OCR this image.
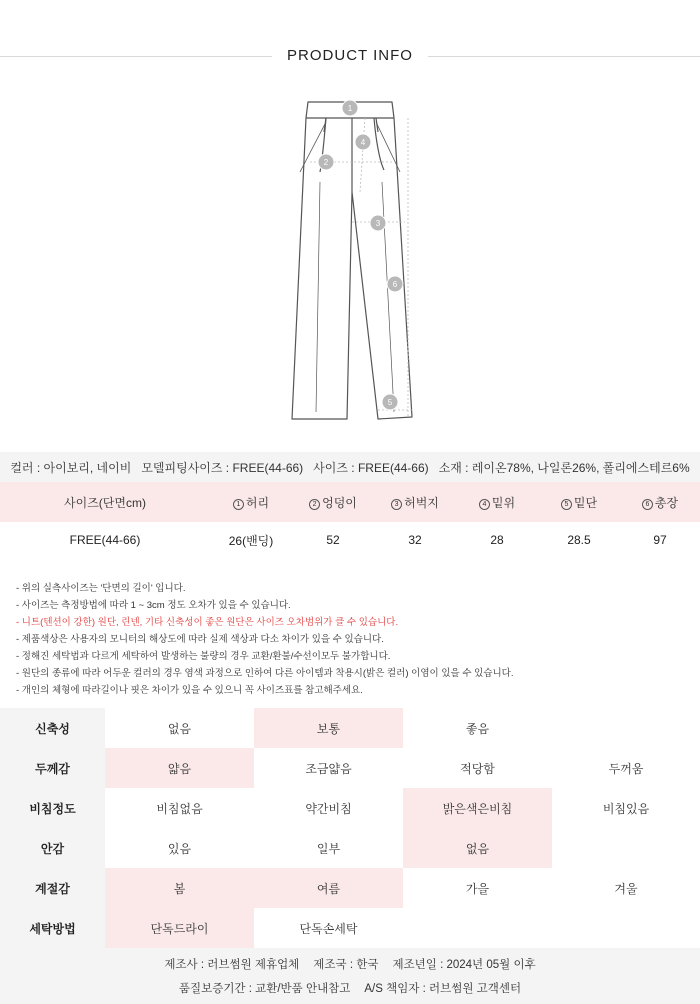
PRODUCT INFO
1
2
3
4
5
6
컬러 : 아이보리, 네이비 모델피팅사이즈 : FREE(44-66) 사이즈 : FREE(44-66) 소재 : 레이온78%, 나일론26%, 폴리에스테르6%
사이즈(단면cm)	1 허리	2 엉덩이	3 허벅지	4 밑위	5 밑단	6 총장
FREE(44-66)	26(밴딩)	52	32	28	28.5	97
- 위의 실측사이즈는 '단면의 길이' 입니다.
- 사이즈는 측정방법에 따라 1 ~ 3cm 정도 오차가 있을 수 있습니다.
- 니트(텐션이 강한) 원단, 린넨, 기타 신축성이 좋은 원단은 사이즈 오차범위가 클 수 있습니다.
- 제품색상은 사용자의 모니터의 해상도에 따라 실제 색상과 다소 차이가 있을 수 있습니다.
- 정해진 세탁법과 다르게 세탁하여 발생하는 불량의 경우 교환/환불/수선이모두 불가합니다.
- 원단의 종류에 따라 어두운 컬러의 경우 염색 과정으로 인하여 다른 아이템과 착용시(밝은 컬러) 이염이 있을 수 있습니다.
- 개인의 체형에 따라길이나 핏은 차이가 있을 수 있으니 꼭 사이즈표를 참고해주세요.
신축성	없음	보통	좋음
두께감	얇음	조금얇음	적당함	두꺼움
비침정도	비침없음	약간비침	밝은색은비침	비침있음
안감	있음	일부	없음
계절감	봄	여름	가을	겨울
세탁방법	단독드라이	단독손세탁
제조사 : 러브썸원 제휴업체 제조국 : 한국 제조년일 : 2024년 05월 이후
품질보증기간 : 교환/반품 안내참고 A/S 책임자 : 러브썸원 고객센터
